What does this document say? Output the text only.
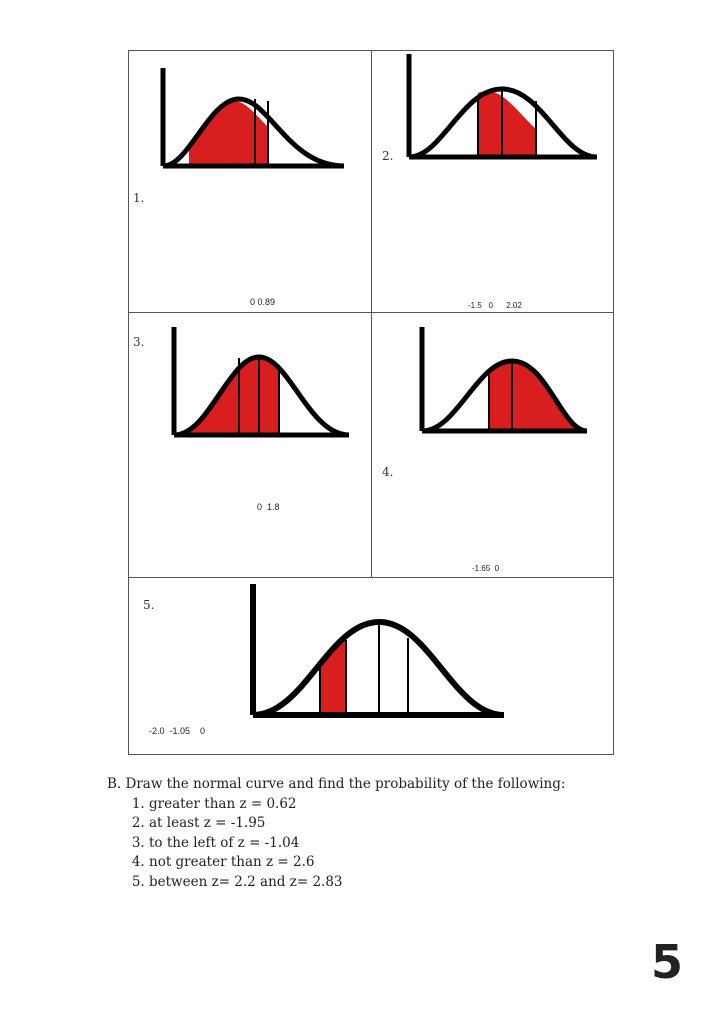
1.
0 0.89
2.
-1.5   0      2.02
3.
0  1.8
4.
-1.65  0
5.
-2.0  -1.05    0
B. Draw the normal curve and find the probability of the following:
1. greater than z = 0.62
2. at least z = -1.95
3. to the left of z = -1.04
4. not greater than z = 2.6
5. between z= 2.2 and z= 2.83
5
